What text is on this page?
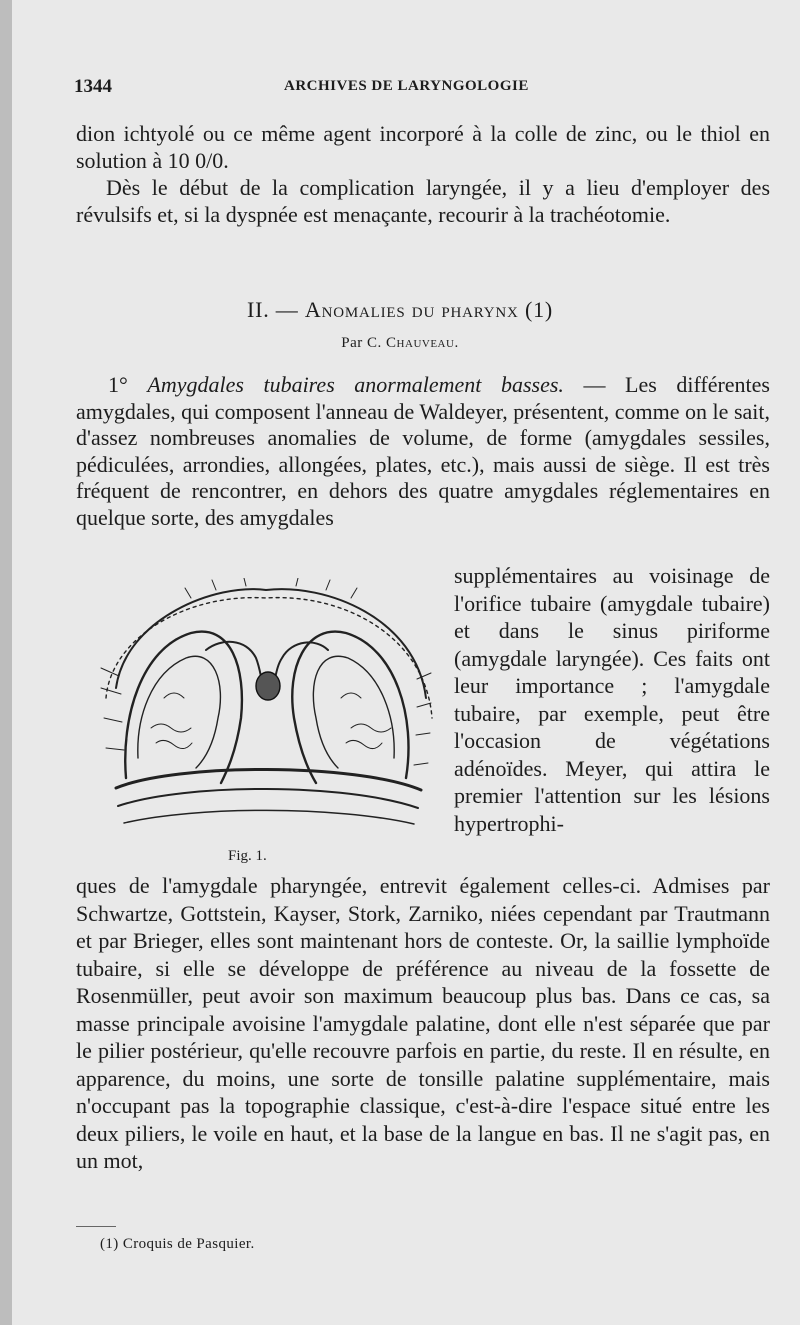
1344	ARCHIVES DE LARYNGOLOGIE
dion ichtyolé ou ce même agent incorporé à la colle de zinc, ou le thiol en solution à 10 0/0.
Dès le début de la complication laryngée, il y a lieu d'employer des révulsifs et, si la dyspnée est menaçante, recourir à la trachéotomie.
II. — Anomalies du pharynx (1)
Par C. Chauveau.
1° Amygdales tubaires anormalement basses. — Les différentes amygdales, qui composent l'anneau de Waldeyer, présentent, comme on le sait, d'assez nombreuses anomalies de volume, de forme (amygdales sessiles, pédiculées, arrondies, allongées, plates, etc.), mais aussi de siège. Il est très fréquent de rencontrer, en dehors des quatre amygdales réglementaires en quelque sorte, des amygdales
supplémentaires au voisinage de l'orifice tubaire (amygdale tubaire) et dans le sinus piriforme (amygdale laryngée). Ces faits ont leur importance ; l'amygdale tubaire, par exemple, peut être l'occasion de végétations adénoïdes. Meyer, qui attira le premier l'attention sur les lésions hypertrophi-
Fig. 1.
ques de l'amygdale pharyngée, entrevit également celles-ci. Admises par Schwartze, Gottstein, Kayser, Stork, Zarniko, niées cependant par Trautmann et par Brieger, elles sont maintenant hors de conteste. Or, la saillie lymphoïde tubaire, si elle se développe de préférence au niveau de la fossette de Rosenmüller, peut avoir son maximum beaucoup plus bas. Dans ce cas, sa masse principale avoisine l'amygdale palatine, dont elle n'est séparée que par le pilier postérieur, qu'elle recouvre parfois en partie, du reste. Il en résulte, en apparence, du moins, une sorte de tonsille palatine supplémentaire, mais n'occupant pas la topographie classique, c'est-à-dire l'espace situé entre les deux piliers, le voile en haut, et la base de la langue en bas. Il ne s'agit pas, en un mot,
(1) Croquis de Pasquier.
